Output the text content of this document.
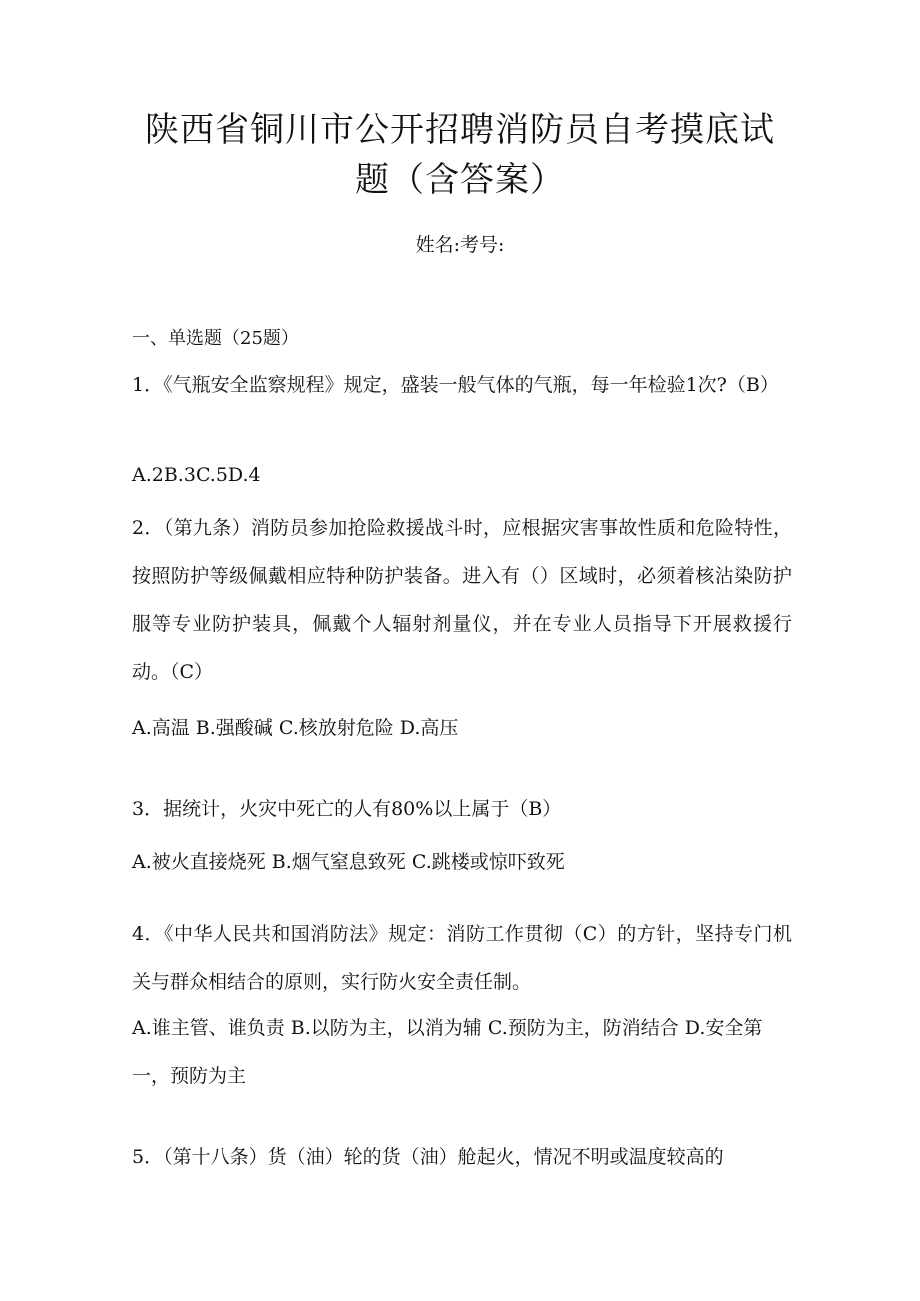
陕西省铜川市公开招聘消防员自考摸底试
题（含答案）
姓名:考号:
一、单选题（25题）

1．《气瓶安全监察规程》规定，盛装一般气体的气瓶，每一年检验1次?（B）

A.2B.3C.5D.4

2．（第九条）消防员参加抢险救援战斗时，应根据灾害事故性质和危险特性，按照防护等级佩戴相应特种防护装备。进入有（）区域时，必须着核沾染防护服等专业防护装具，佩戴个人辐射剂量仪，并在专业人员指导下开展救援行动。（C）

A.高温 B.强酸碱 C.核放射危险 D.高压

3．据统计，火灾中死亡的人有80%以上属于（B）

A.被火直接烧死 B.烟气窒息致死 C.跳楼或惊吓致死

4．《中华人民共和国消防法》规定：消防工作贯彻（C）的方针，坚持专门机关与群众相结合的原则，实行防火安全责任制。

A.谁主管、谁负责 B.以防为主，以消为辅 C.预防为主，防消结合 D.安全第一，预防为主

5．（第十八条）货（油）轮的货（油）舱起火，情况不明或温度较高的
